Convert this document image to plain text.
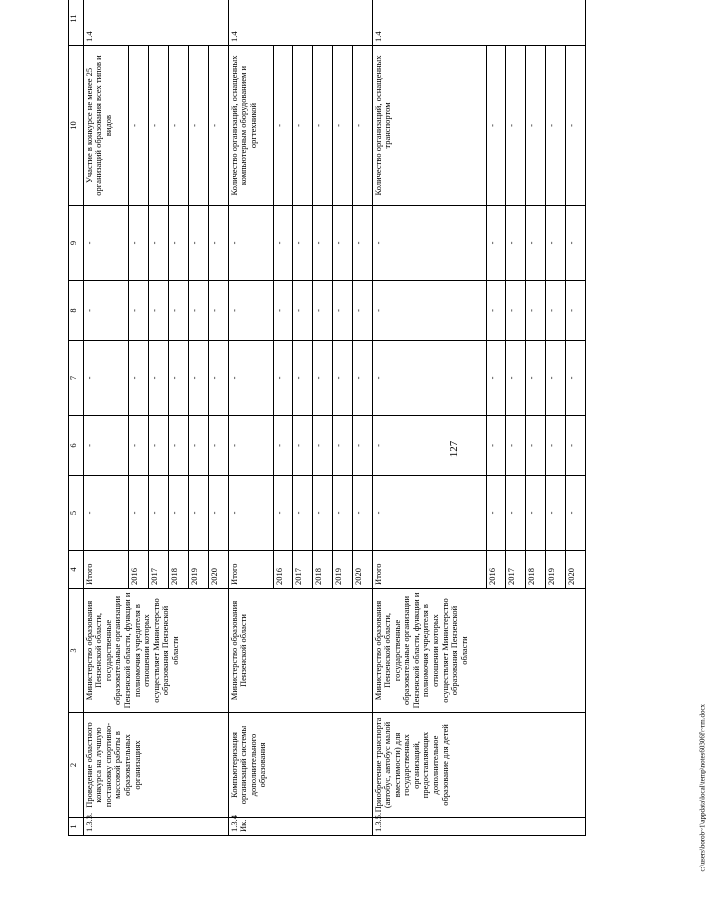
127
1	2	3	4	5	6	7	8	9	10	11
1.3.3.	Проведение областного конкурса на лучшую постановку спортивно-массовой работы в образовательных организациях	Министерство образования Пензенской области, государственные образовательные организации Пензенской области, функции и полномочия учредителя в отношении которых осуществляет Министерство образования Пензенской области	Итого	-	-	-	-	-	Участие в конкурсе не менее 25 организаций образования всех типов и видов	1.4
			2016	-	-	-	-	-	-	
			2017	-	-	-	-	-	-	
			2018	-	-	-	-	-	-	
			2019	-	-	-	-	-	-	
			2020	-	-	-	-	-	-	
1.3.4 Ик.	Компьютеризация организаций системы дополнительного образования	Министерство образования Пензенской области	Итого	-	-	-	-	-	Количество организаций, оснащенных компьютерным оборудованием и оргтехникой	1.4
			2016	-	-	-	-	-	-	
			2017	-	-	-	-	-	-	
			2018	-	-	-	-	-	-	
			2019	-	-	-	-	-	-	
			2020	-	-	-	-	-	-	
1.3.5.	Приобретение транспорта (автобус, автобус малой вместимости) для государственных организаций, предоставляющих дополнительное образование для детей	Министерство образования Пензенской области, государственные образовательные организации Пензенской области, функции и полномочия учредителя в отношении которых осуществляет Министерство образования Пензенской области	Итого	-	-	-	-	-	Количество организаций, оснащенных транспортом	1.4
			2016	-	-	-	-	-	-	
			2017	-	-	-	-	-	-	
			2018	-	-	-	-	-	-	
			2019	-	-	-	-	-	-	
			2020	-	-	-	-	-	-	
c:\users\borob~1\appdata\local\temp\notes60306f\~rm.docx
